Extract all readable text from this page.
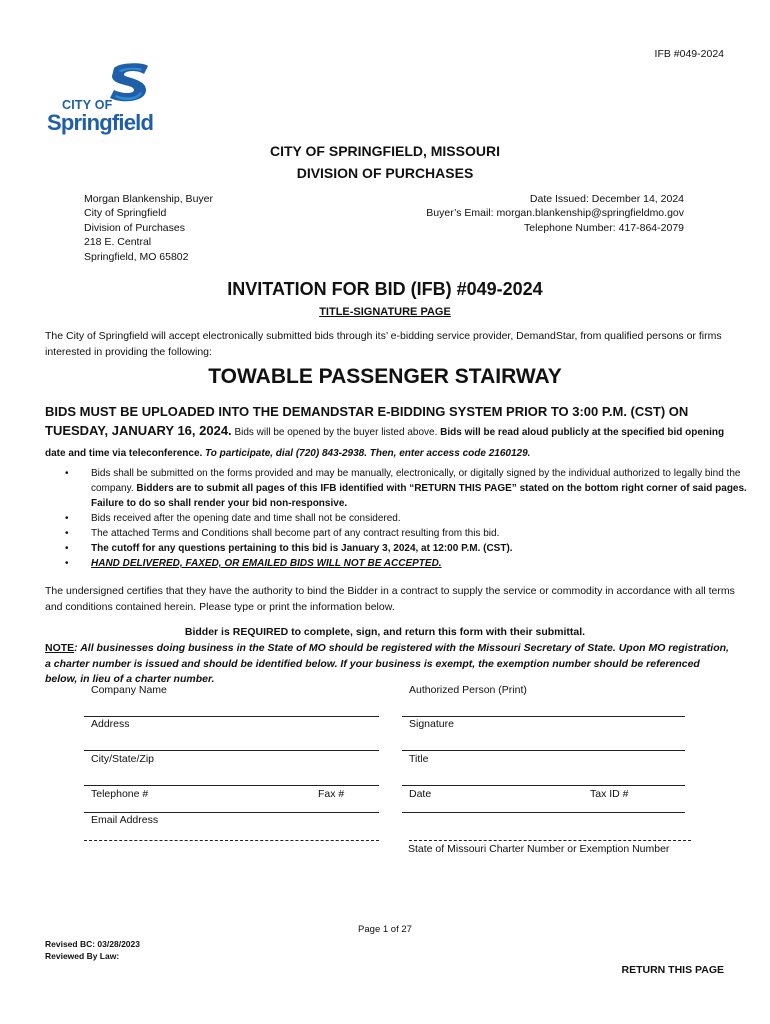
IFB #049-2024
CITY OF
Springfield
CITY OF SPRINGFIELD, MISSOURI
DIVISION OF PURCHASES
Morgan Blankenship, Buyer
City of Springfield
Division of Purchases
218 E. Central
Springfield, MO 65802
Date Issued: December 14, 2024
Buyer’s Email: morgan.blankenship@springfieldmo.gov
Telephone Number: 417-864-2079
INVITATION FOR BID (IFB) #049-2024
TITLE-SIGNATURE PAGE
The City of Springfield will accept electronically submitted bids through its’ e-bidding service provider, DemandStar, from qualified persons or firms interested in providing the following:
TOWABLE PASSENGER STAIRWAY
BIDS MUST BE UPLOADED INTO THE DEMANDSTAR E-BIDDING SYSTEM PRIOR TO 3:00 P.M. (CST) ON TUESDAY, JANUARY 16, 2024. Bids will be opened by the buyer listed above. Bids will be read aloud publicly at the specified bid opening date and time via teleconference. To participate, dial (720) 843-2938. Then, enter access code 2160129.
• Bids shall be submitted on the forms provided and may be manually, electronically, or digitally signed by the individual authorized to legally bind the company. Bidders are to submit all pages of this IFB identified with “RETURN THIS PAGE” stated on the bottom right corner of said pages. Failure to do so shall render your bid non-responsive.
• Bids received after the opening date and time shall not be considered.
• The attached Terms and Conditions shall become part of any contract resulting from this bid.
• The cutoff for any questions pertaining to this bid is January 3, 2024, at 12:00 P.M. (CST).
• HAND DELIVERED, FAXED, OR EMAILED BIDS WILL NOT BE ACCEPTED.
The undersigned certifies that they have the authority to bind the Bidder in a contract to supply the service or commodity in accordance with all terms and conditions contained herein. Please type or print the information below.
Bidder is REQUIRED to complete, sign, and return this form with their submittal.
NOTE: All businesses doing business in the State of MO should be registered with the Missouri Secretary of State. Upon MO registration, a charter number is issued and should be identified below. If your business is exempt, the exemption number should be referenced below, in lieu of a charter number.
Company Name	Authorized Person (Print)
Address	Signature
City/State/Zip	Title
Telephone #	Fax #	Date	Tax ID #
Email Address
State of Missouri Charter Number or Exemption Number
Page 1 of 27
Revised BC: 03/28/2023
Reviewed By Law:
RETURN THIS PAGE
